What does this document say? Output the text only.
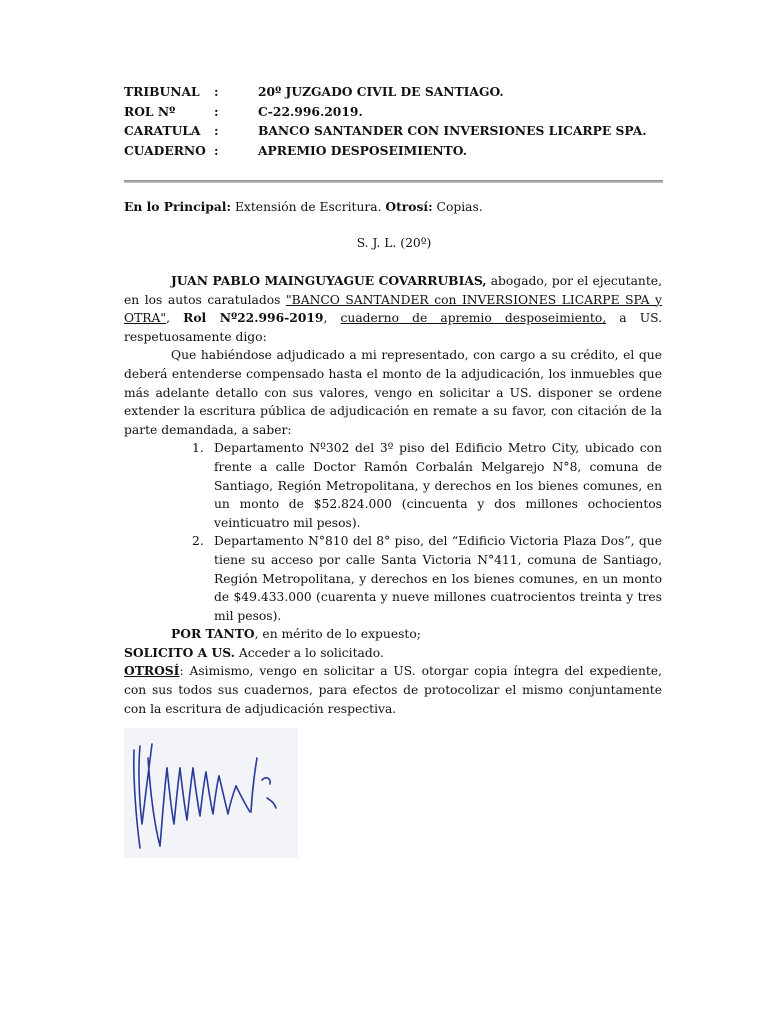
TRIBUNAL	:	20º JUZGADO CIVIL DE SANTIAGO.
ROL Nº	:	C-22.996.2019.
CARATULA	:	BANCO SANTANDER CON INVERSIONES LICARPE SPA.
CUADERNO :	APREMIO DESPOSEIMIENTO.
En lo Principal: Extensión de Escritura. Otrosí: Copias.
S. J. L. (20º)

JUAN PABLO MAINGUYAGUE COVARRUBIAS, abogado, por el ejecutante, en los autos caratulados "BANCO SANTANDER con INVERSIONES LICARPE SPA y OTRA", Rol Nº22.996-2019, cuaderno de apremio desposeimiento, a US. respetuosamente digo:

Que habiéndose adjudicado a mi representado, con cargo a su crédito, el que deberá entenderse compensado hasta el monto de la adjudicación, los inmuebles que más adelante detallo con sus valores, vengo en solicitar a US. disponer se ordene extender la escritura pública de adjudicación en remate a su favor, con citación de la parte demandada, a saber:

1. Departamento Nº302 del 3º piso del Edificio Metro City, ubicado con frente a calle Doctor Ramón Corbalán Melgarejo N°8, comuna de Santiago, Región Metropolitana, y derechos en los bienes comunes, en un monto de $52.824.000 (cincuenta y dos millones ochocientos veinticuatro mil pesos).
2. Departamento N°810 del 8° piso, del “Edificio Victoria Plaza Dos”, que tiene su acceso por calle Santa Victoria N°411, comuna de Santiago, Región Metropolitana, y derechos en los bienes comunes, en un monto de $49.433.000 (cuarenta y nueve millones cuatrocientos treinta y tres mil pesos).

POR TANTO, en mérito de lo expuesto;

SOLICITO A US. Acceder a lo solicitado.

OTROSÍ: Asimismo, vengo en solicitar a US. otorgar copia íntegra del expediente, con sus todos sus cuadernos, para efectos de protocolizar el mismo conjuntamente con la escritura de adjudicación respectiva.
